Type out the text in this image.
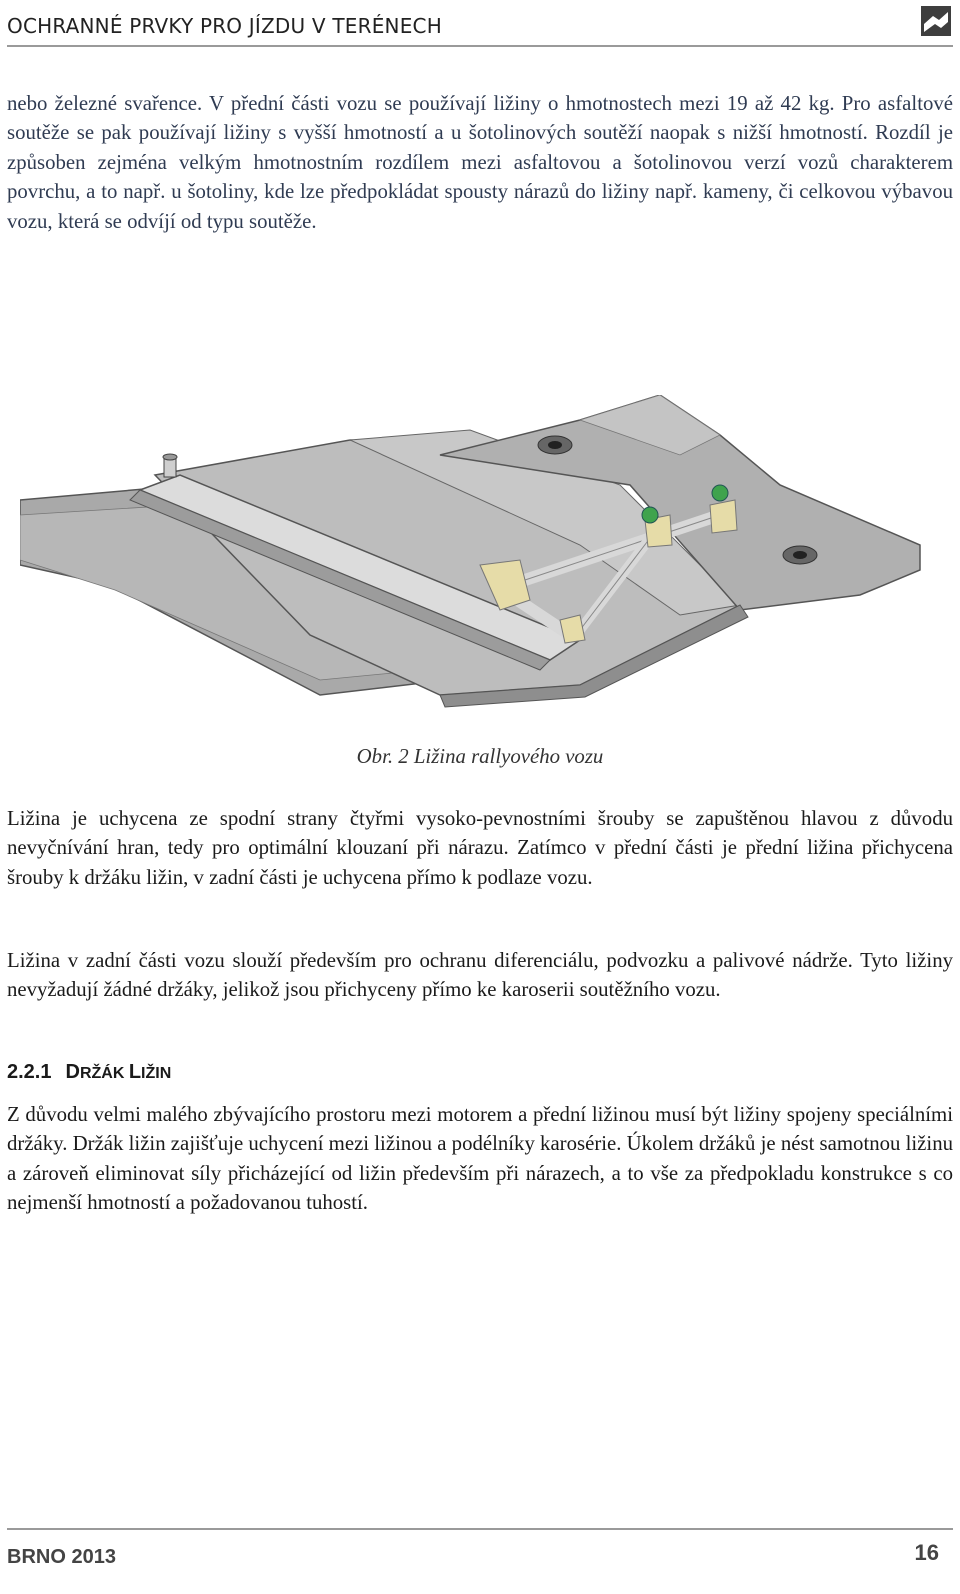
OCHRANNÉ PRVKY PRO JÍZDU V TERÉNECH

nebo železné svařence. V přední části vozu se používají ližiny o hmotnostech mezi 19 až 42 kg. Pro asfaltové soutěže se pak používají ližiny s vyšší hmotností a u šotolinových soutěží naopak s nižší hmotností. Rozdíl je způsoben zejména velkým hmotnostním rozdílem mezi asfaltovou a šotolinovou verzí vozů charakterem povrchu, a to např. u šotoliny, kde lze předpokládat spousty nárazů do ližiny např. kameny, či celkovou výbavou vozu, která se odvíjí od typu soutěže.

Obr. 2 Ližina rallyového vozu

Ližina je uchycena ze spodní strany čtyřmi vysoko-pevnostními šrouby se zapuštěnou hlavou z důvodu nevyčnívání hran, tedy pro optimální klouzaní při nárazu. Zatímco v přední části je přední ližina přichycena šrouby k držáku ližin, v zadní části je uchycena přímo k podlaze vozu.

Ližina v zadní části vozu slouží především pro ochranu diferenciálu, podvozku a palivové nádrže. Tyto ližiny nevyžadují žádné držáky, jelikož jsou přichyceny přímo ke karoserii soutěžního vozu.

2.2.1 DRŽÁK LIŽIN

Z důvodu velmi malého zbývajícího prostoru mezi motorem a přední ližinou musí být ližiny spojeny speciálními držáky. Držák ližin zajišťuje uchycení mezi ližinou a podélníky karosérie. Úkolem držáků je nést samotnou ližinu a zároveň eliminovat síly přicházející od ližin především při nárazech, a to vše za předpokladu konstrukce s co nejmenší hmotností a požadovanou tuhostí.

BRNO 2013	16
